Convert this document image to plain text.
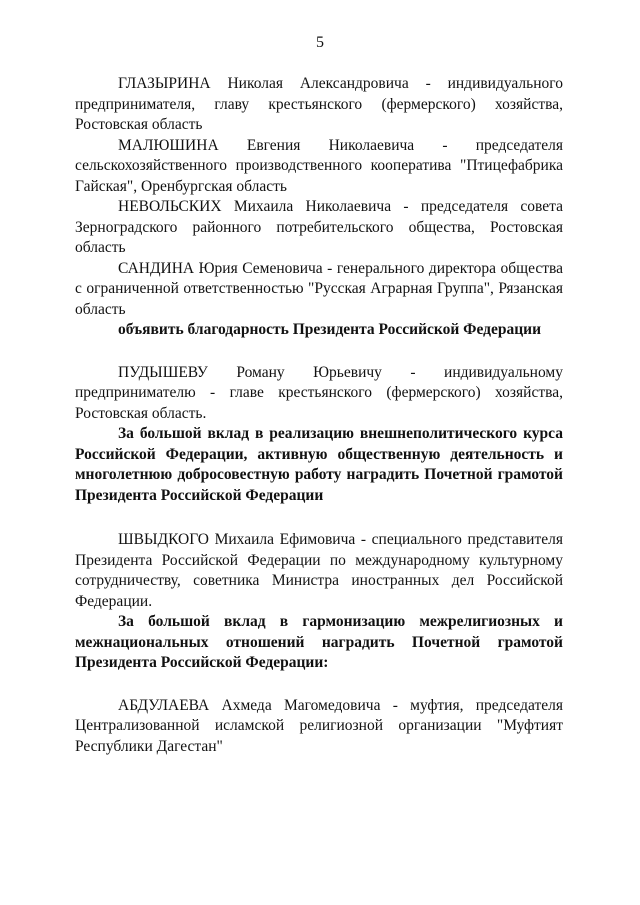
5

ГЛАЗЫРИНА Николая Александровича - индивидуального предпринимателя, главу крестьянского (фермерского) хозяйства, Ростовская область

МАЛЮШИНА Евгения Николаевича - председателя сельскохозяйственного производственного кооператива "Птицефабрика Гайская", Оренбургская область

НЕВОЛЬСКИХ Михаила Николаевича - председателя совета Зерноградского районного потребительского общества, Ростовская область

САНДИНА Юрия Семеновича - генерального директора общества с ограниченной ответственностью "Русская Аграрная Группа", Рязанская область

объявить благодарность Президента Российской Федерации

ПУДЫШЕВУ Роману Юрьевичу - индивидуальному предпринимателю - главе крестьянского (фермерского) хозяйства, Ростовская область.

За большой вклад в реализацию внешнеполитического курса Российской Федерации, активную общественную деятельность и многолетнюю добросовестную работу наградить Почетной грамотой Президента Российской Федерации

ШВЫДКОГО Михаила Ефимовича - специального представителя Президента Российской Федерации по международному культурному сотрудничеству, советника Министра иностранных дел Российской Федерации.

За большой вклад в гармонизацию межрелигиозных и межнациональных отношений наградить Почетной грамотой Президента Российской Федерации:

АБДУЛАЕВА Ахмеда Магомедовича - муфтия, председателя Централизованной исламской религиозной организации "Муфтият Республики Дагестан"
